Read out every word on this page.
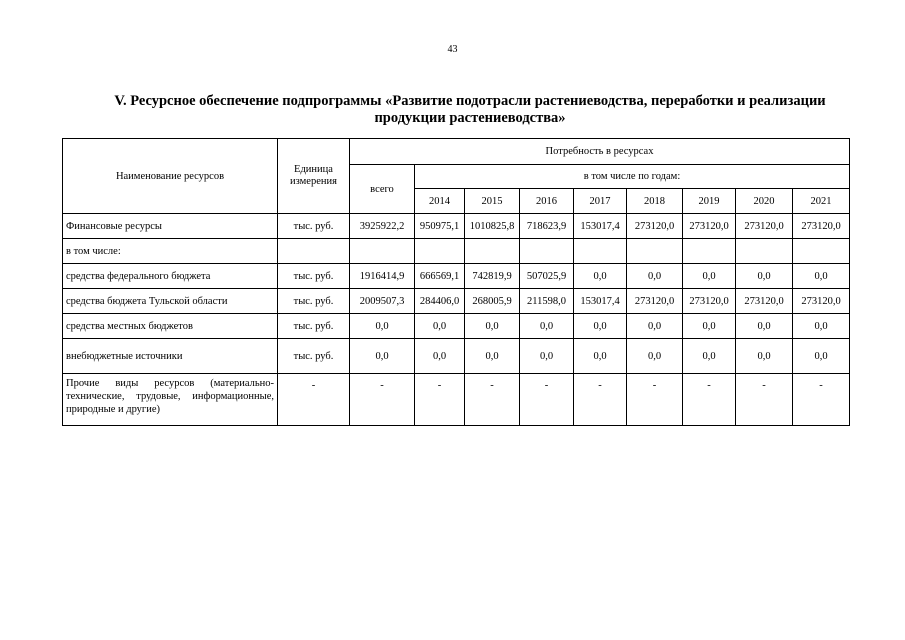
43
V. Ресурсное обеспечение подпрограммы «Развитие подотрасли растениеводства, переработки и реализации
продукции растениеводства»
Наименование ресурсов	Единица измерения	Потребность в ресурсах								
		всего	в том числе по годам:							
			2014	2015	2016	2017	2018	2019	2020	2021
Финансовые ресурсы	тыс. руб.	3925922,2	950975,1	1010825,8	718623,9	153017,4	273120,0	273120,0	273120,0	273120,0
в том числе:										
средства федерального бюджета	тыс. руб.	1916414,9	666569,1	742819,9	507025,9	0,0	0,0	0,0	0,0	0,0
средства бюджета Тульской области	тыс. руб.	2009507,3	284406,0	268005,9	211598,0	153017,4	273120,0	273120,0	273120,0	273120,0
средства местных бюджетов	тыс. руб.	0,0	0,0	0,0	0,0	0,0	0,0	0,0	0,0	0,0
внебюджетные источники	тыс. руб.	0,0	0,0	0,0	0,0	0,0	0,0	0,0	0,0	0,0
Прочие виды ресурсов (материально-технические, трудовые, информационные, природные и другие)	-	-	-	-	-	-	-	-	-	-
